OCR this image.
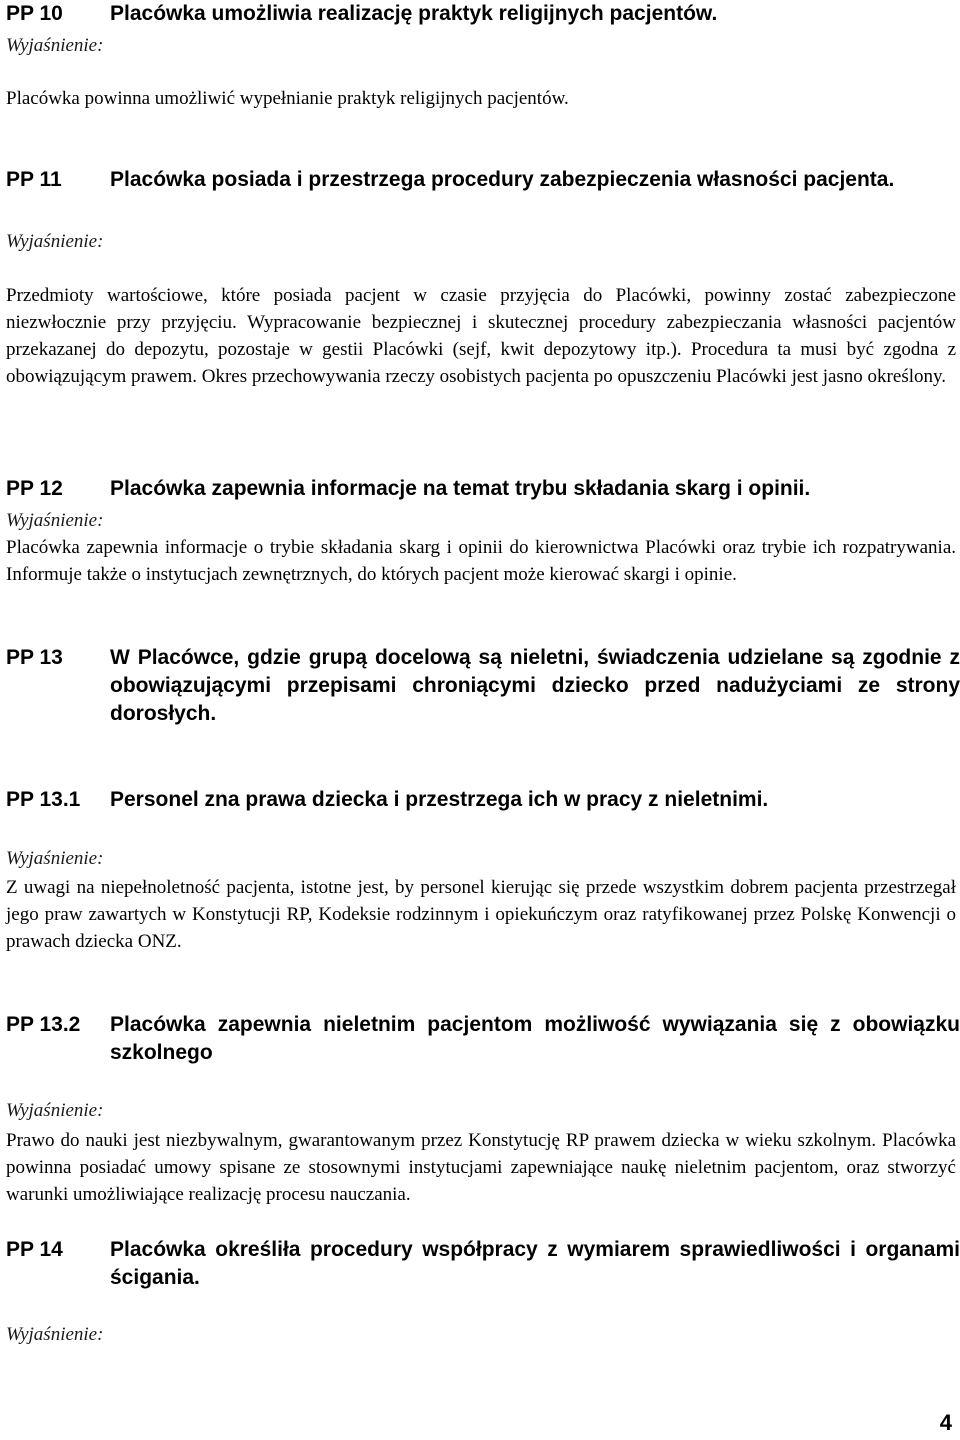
PP 10 Placówka umożliwia realizację praktyk religijnych pacjentów.
Wyjaśnienie:
Placówka powinna umożliwić wypełnianie praktyk religijnych pacjentów.
PP 11 Placówka posiada i przestrzega procedury zabezpieczenia własności pacjenta.
Wyjaśnienie:
Przedmioty wartościowe, które posiada pacjent w czasie przyjęcia do Placówki, powinny zostać zabezpieczone niezwłocznie przy przyjęciu. Wypracowanie bezpiecznej i skutecznej procedury zabezpieczania własności pacjentów przekazanej do depozytu, pozostaje w gestii Placówki (sejf, kwit depozytowy itp.). Procedura ta musi być zgodna z obowiązującym prawem. Okres przechowywania rzeczy osobistych pacjenta po opuszczeniu Placówki jest jasno określony.
PP 12 Placówka zapewnia informacje na temat trybu składania skarg i opinii.
Wyjaśnienie:
Placówka zapewnia informacje o trybie składania skarg i opinii do kierownictwa Placówki oraz trybie ich rozpatrywania. Informuje także o instytucjach zewnętrznych, do których pacjent może kierować skargi i opinie.
PP 13 W Placówce, gdzie grupą docelową są nieletni, świadczenia udzielane są zgodnie z obowiązującymi przepisami chroniącymi dziecko przed nadużyciami ze strony dorosłych.
PP 13.1 Personel zna prawa dziecka i przestrzega ich w pracy z nieletnimi.
Wyjaśnienie:
Z uwagi na niepełnoletność pacjenta, istotne jest, by personel kierując się przede wszystkim dobrem pacjenta przestrzegał jego praw zawartych w Konstytucji RP, Kodeksie rodzinnym i opiekuńczym oraz ratyfikowanej przez Polskę Konwencji o prawach dziecka ONZ.
PP 13.2 Placówka zapewnia nieletnim pacjentom możliwość wywiązania się z obowiązku szkolnego
Wyjaśnienie:
Prawo do nauki jest niezbywalnym, gwarantowanym przez Konstytucję RP prawem dziecka w wieku szkolnym. Placówka powinna posiadać umowy spisane ze stosownymi instytucjami zapewniające naukę nieletnim pacjentom, oraz stworzyć warunki umożliwiające realizację procesu nauczania.
PP 14 Placówka określiła procedury współpracy z wymiarem sprawiedliwości i organami ścigania.
Wyjaśnienie:
4
